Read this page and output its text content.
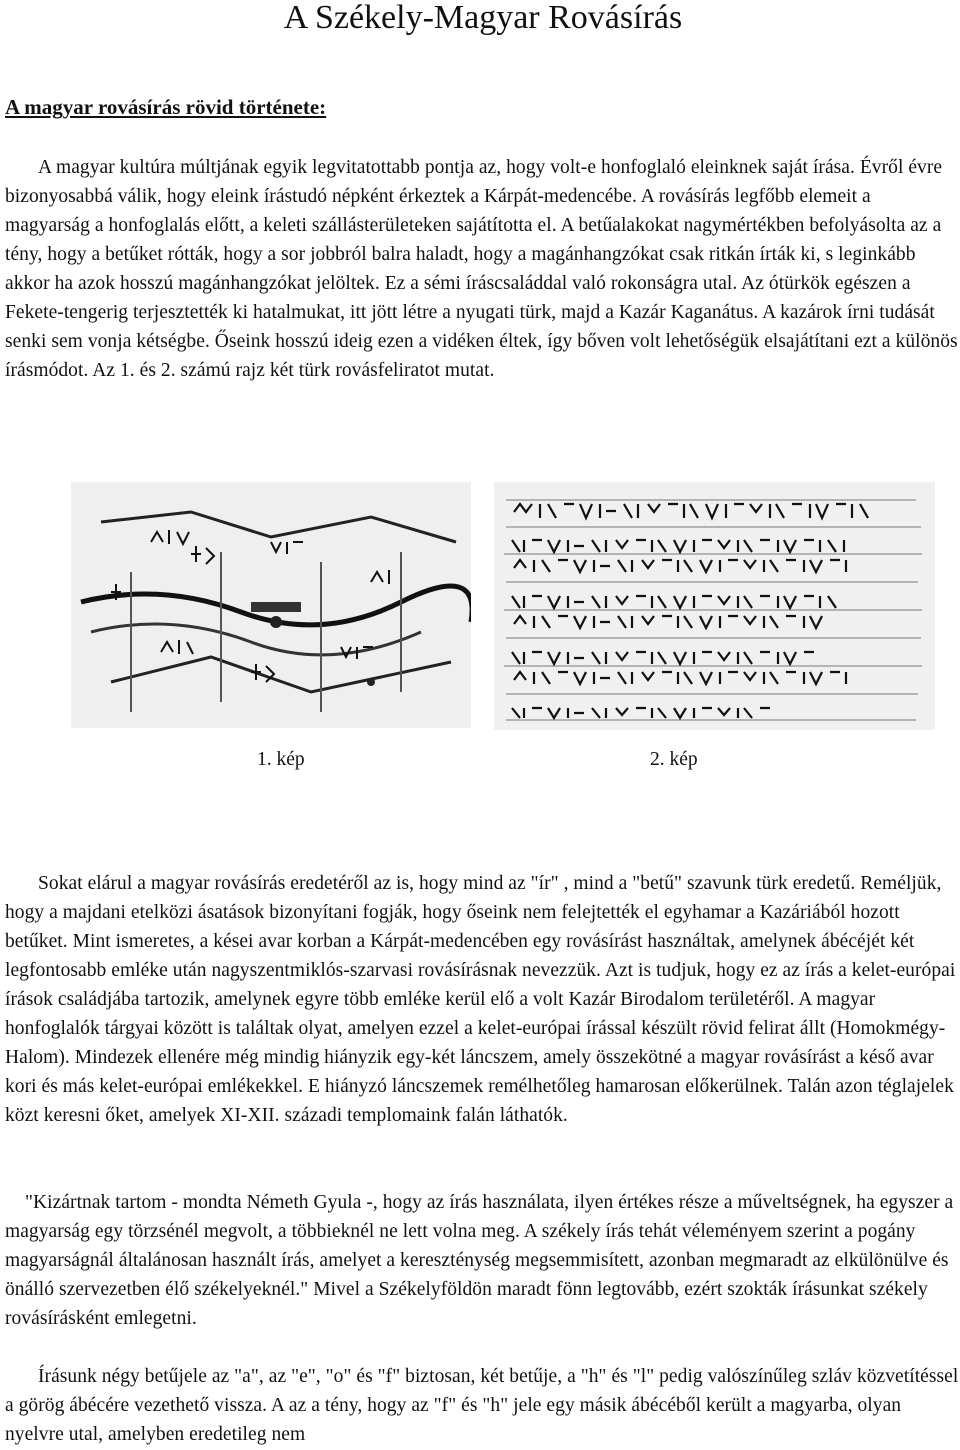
A Székely-Magyar Rovásírás
A magyar rovásírás rövid története:

A magyar kultúra múltjának egyik legvitatottabb pontja az, hogy volt-e honfoglaló eleinknek saját írása. Évről évre bizonyosabbá válik, hogy eleink írástudó népként érkeztek a Kárpát-medencébe. A rovásírás legfőbb elemeit a magyarság a honfoglalás előtt, a keleti szállásterületeken sajátította el. A betűalakokat nagymértékben befolyásolta az a tény, hogy a betűket rótták, hogy a sor jobbról balra haladt, hogy a magánhangzókat csak ritkán írták ki, s leginkább akkor ha azok hosszú magánhangzókat jelöltek. Ez a sémi íráscsaláddal való rokonságra utal. Az ótürkök egészen a Fekete-tengerig terjesztették ki hatalmukat, itt jött létre a nyugati türk, majd a Kazár Kaganátus. A kazárok írni tudását senki sem vonja kétségbe. Őseink hosszú ideig ezen a vidéken éltek, így bőven volt lehetőségük elsajátítani ezt a különös írásmódot. Az 1. és 2. számú rajz két türk rovásfeliratot mutat.

1. kép	2. kép

Sokat elárul a magyar rovásírás eredetéről az is, hogy mind az "ír" , mind a "betű" szavunk türk eredetű. Reméljük, hogy a majdani etelközi ásatások bizonyítani fogják, hogy őseink nem felejtették el egyhamar a Kazáriából hozott betűket. Mint ismeretes, a kései avar korban a Kárpát-medencében egy rovásírást használtak, amelynek ábécéjét két legfontosabb emléke után nagyszentmiklós-szarvasi rovásírásnak nevezzük. Azt is tudjuk, hogy ez az írás a kelet-európai írások családjába tartozik, amelynek egyre több emléke kerül elő a volt Kazár Birodalom területéről. A magyar honfoglalók tárgyai között is találtak olyat, amelyen ezzel a kelet-európai írással készült rövid felirat állt (Homokmégy-Halom). Mindezek ellenére még mindig hiányzik egy-két láncszem, amely összekötné a magyar rovásírást a késő avar kori és más kelet-európai emlékekkel. E hiányzó láncszemek remélhetőleg hamarosan előkerülnek. Talán azon téglajelek közt keresni őket, amelyek XI-XII. századi templomaink falán láthatók.

"Kizártnak tartom - mondta Németh Gyula -, hogy az írás használata, ilyen értékes része a műveltségnek, ha egyszer a magyarság egy törzsénél megvolt, a többieknél ne lett volna meg. A székely írás tehát véleményem szerint a pogány magyarságnál általánosan használt írás, amelyet a kereszténység megsemmisített, azonban megmaradt az elkülönülve és önálló szervezetben élő székelyeknél." Mivel a Székelyföldön maradt fönn legtovább, ezért szokták írásunkat székely rovásírásként emlegetni.

Írásunk négy betűjele az "a", az "e", "o" és "f" biztosan, két betűje, a "h" és "l" pedig valószínűleg szláv közvetítéssel a görög ábécére vezethető vissza. A az a tény, hogy az "f" és "h" jele egy másik ábécéből került a magyarba, olyan nyelvre utal, amelyben eredetileg nem
